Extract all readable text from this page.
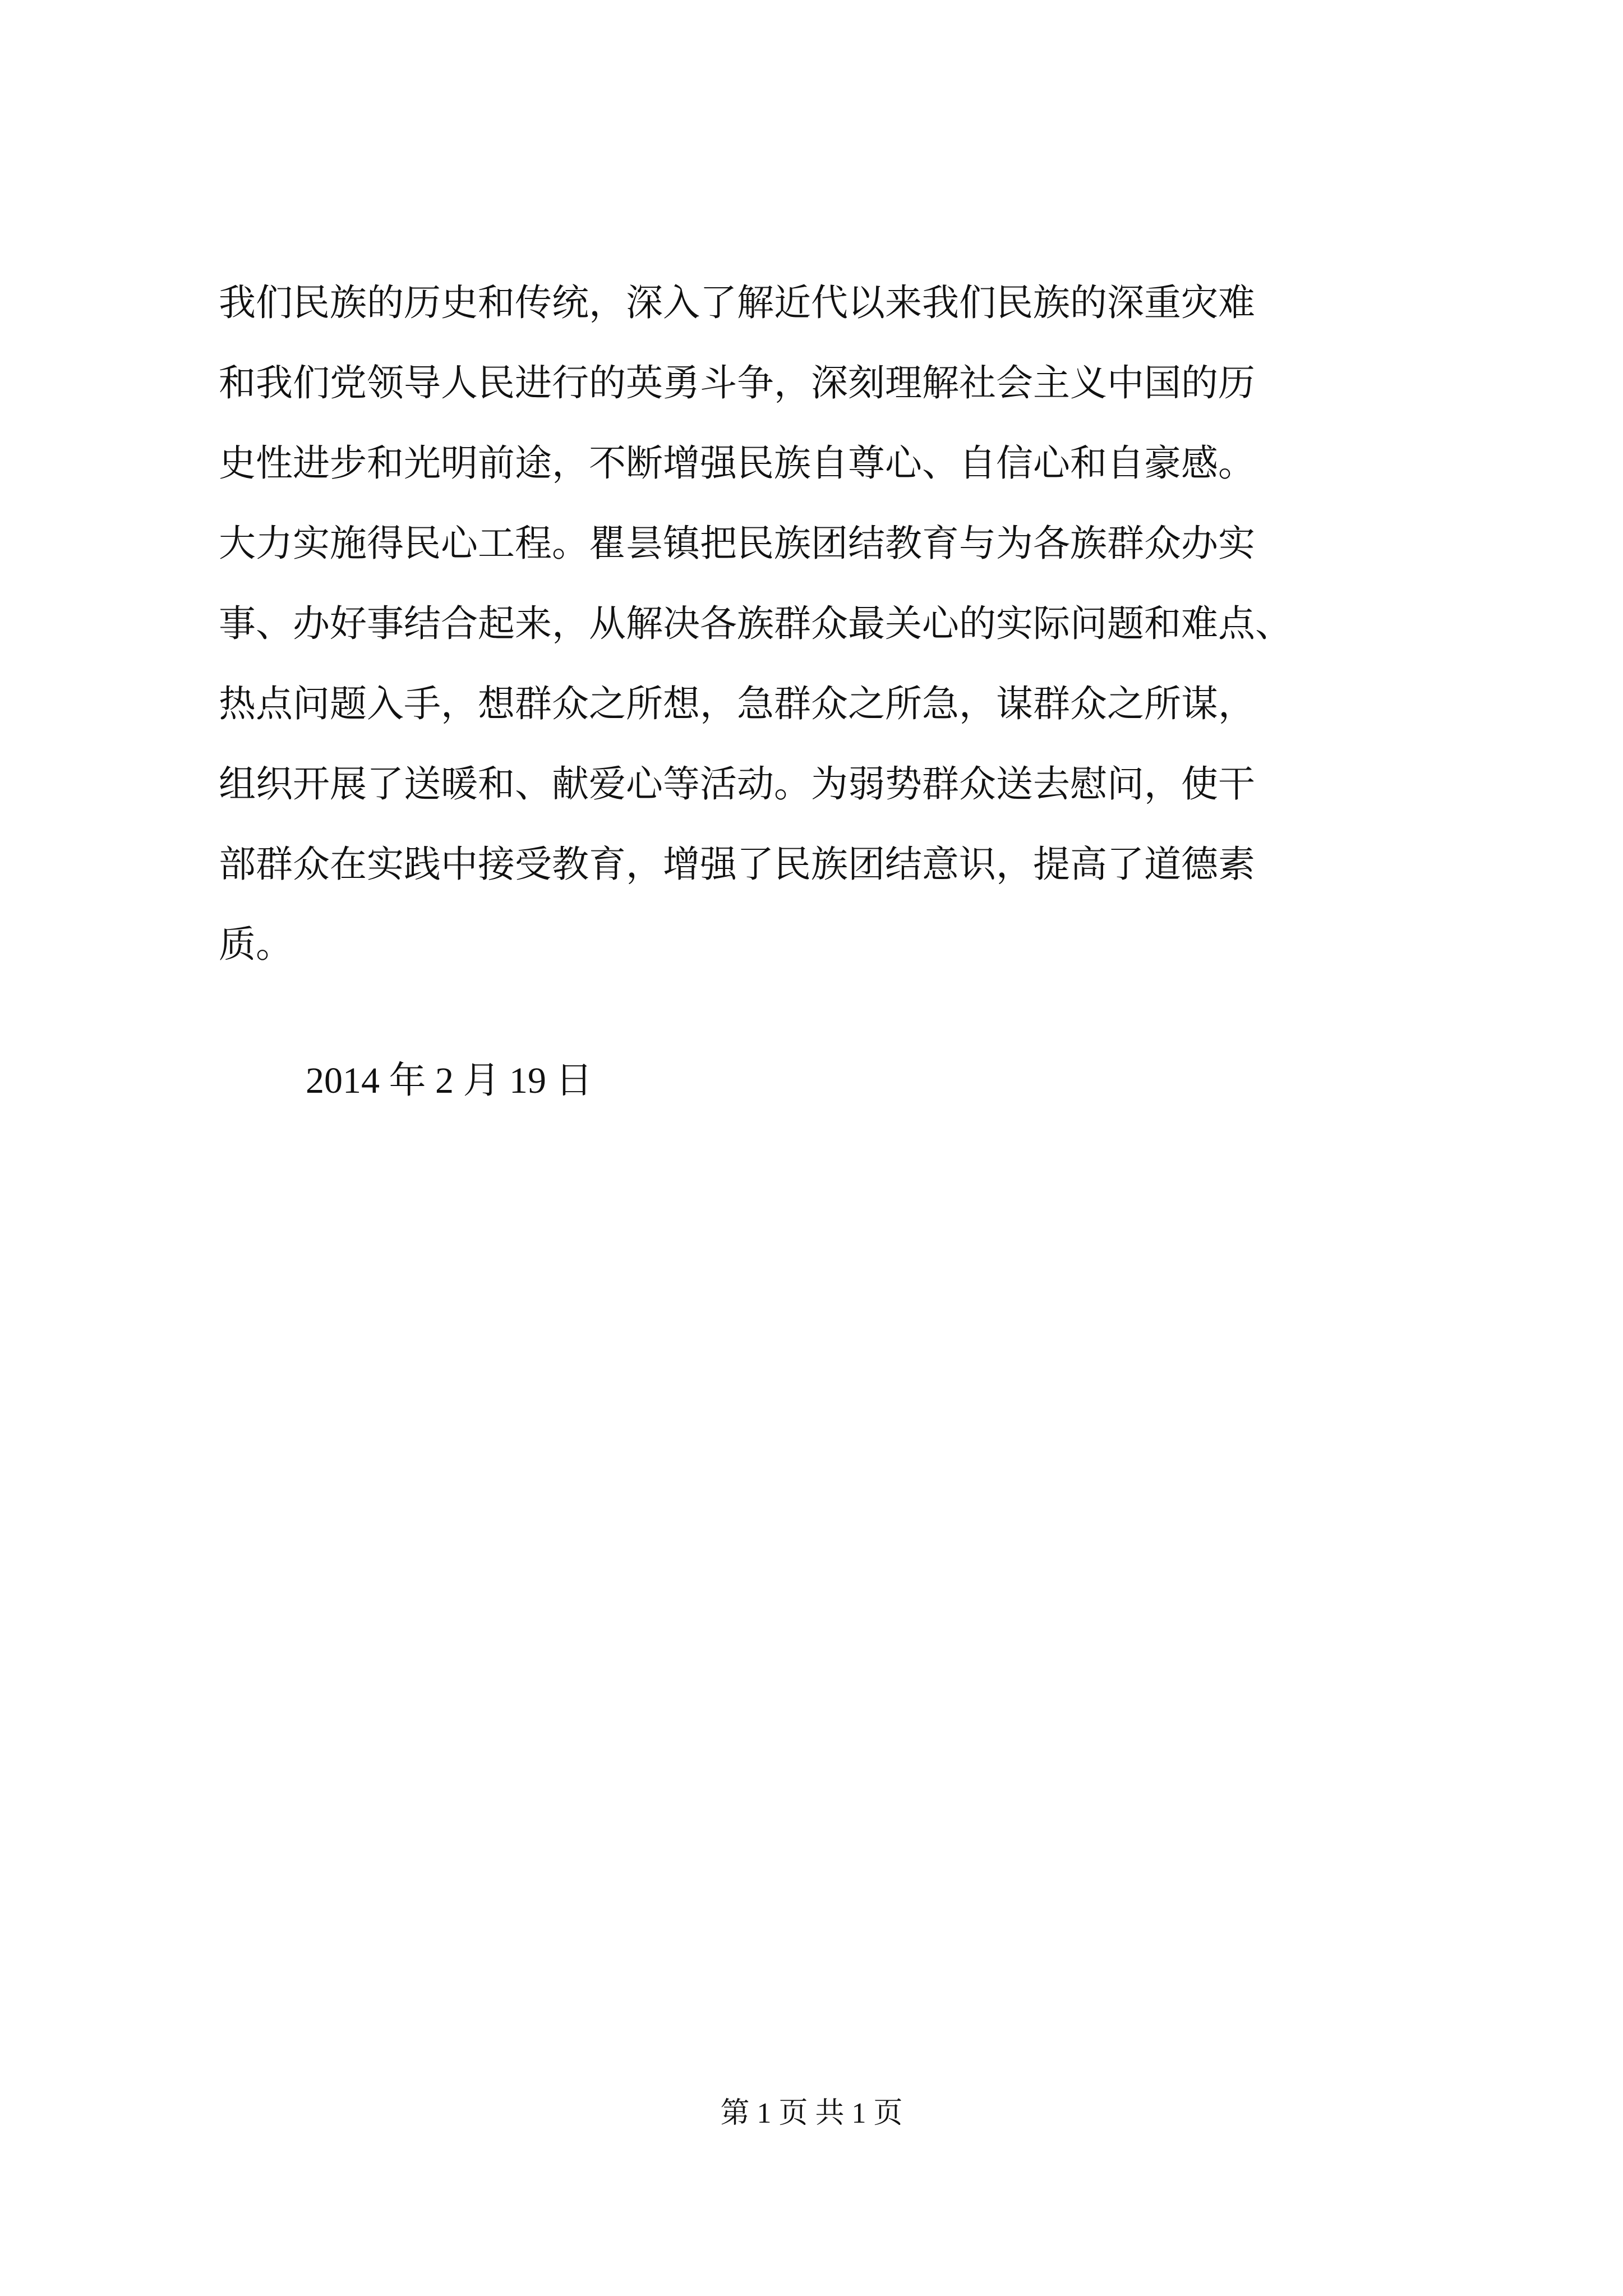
我们民族的历史和传统，深入了解近代以来我们民族的深重灾难
和我们党领导人民进行的英勇斗争，深刻理解社会主义中国的历
史性进步和光明前途，不断增强民族自尊心、自信心和自豪感。
大力实施得民心工程。瞿昙镇把民族团结教育与为各族群众办实
事、办好事结合起来，从解决各族群众最关心的实际问题和难点、
热点问题入手，想群众之所想，急群众之所急，谋群众之所谋，
组织开展了送暖和、献爱心等活动。为弱势群众送去慰问，使干
部群众在实践中接受教育，增强了民族团结意识，提高了道德素
质。
2014 年 2 月 19 日
第 1 页 共 1 页
